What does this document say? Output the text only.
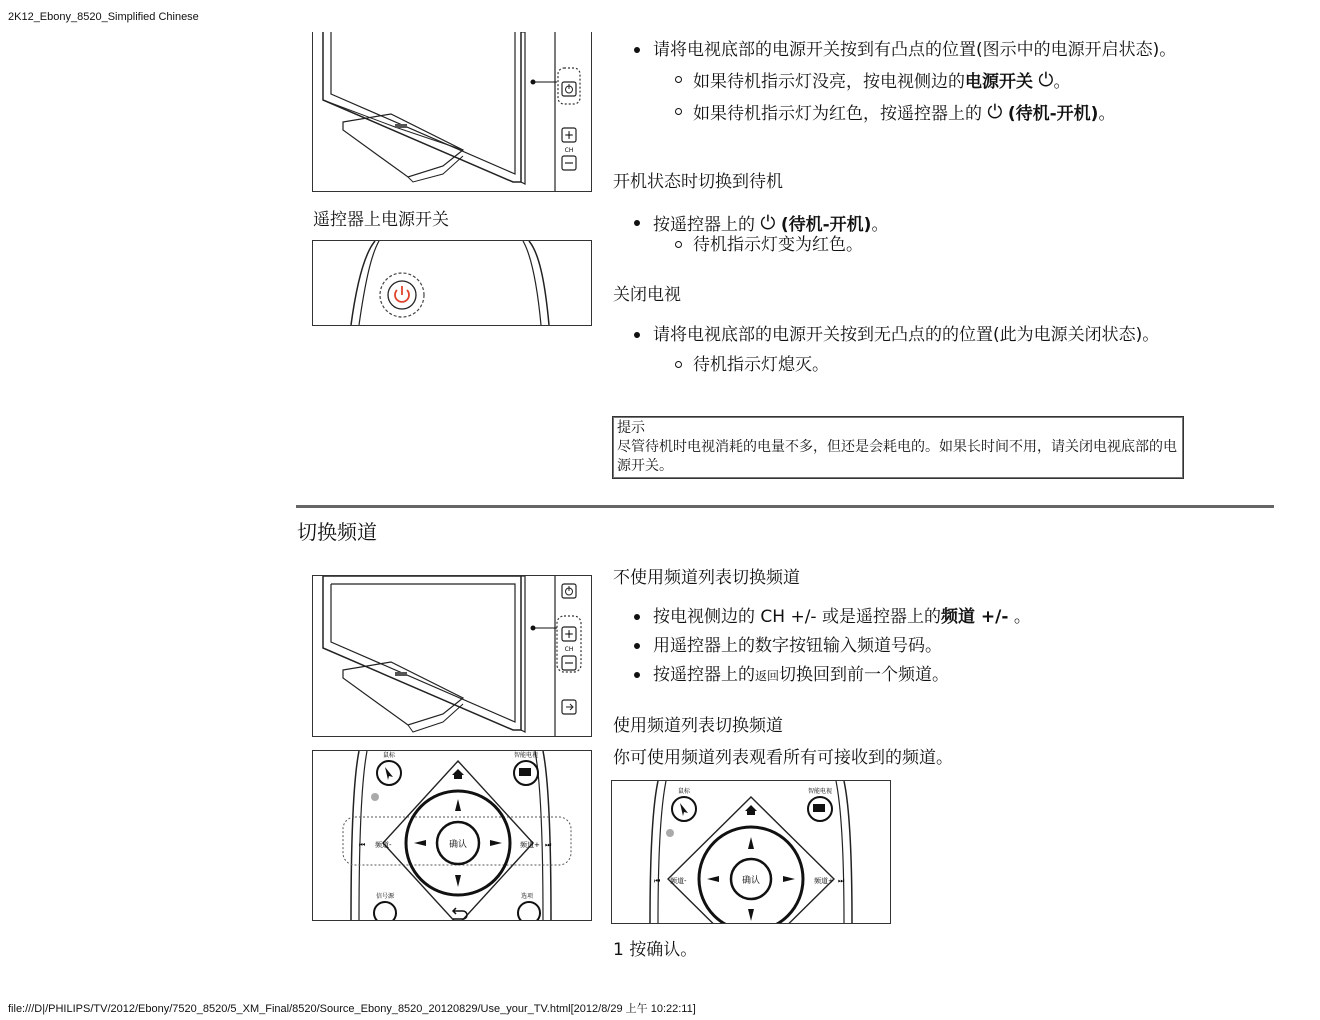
2K12_Ebony_8520_Simplified Chinese
file:///D|/PHILIPS/TV/2012/Ebony/7520_8520/5_XM_Final/8520/Source_Ebony_8520_20120829/Use_your_TV.html[2012/8/29 上午 10:22:11]
+
CH
遥控器上电源开关
请将电视底部的电源开关按到有凸点的位置(图示中的电源开启状态)。
如果待机指示灯没亮，按电视侧边的电源开关 ⏻。
如果待机指示灯为红色，按遥控器上的 ⏻ (待机-开机)。
开机状态时切换到待机
按遥控器上的 ⏻ (待机-开机)。
待机指示灯变为红色。
关闭电视
请将电视底部的电源开关按到无凸点的的位置(此为电源关闭状态)。
待机指示灯熄灭。
提示
尽管待机时电视消耗的电量不多，但还是会耗电的。如果长时间不用，请关闭电视底部的电源开关。
切换频道
+
CH
确认
鼠标	智能电视
⏮ 频道-	频道+ ⏭
信号源	选项
不使用频道列表切换频道
按电视侧边的 CH +/- 或是遥控器上的频道 +/- 。
用遥控器上的数字按钮输入频道号码。
按遥控器上的返回切换回到前一个频道。
使用频道列表切换频道
你可使用频道列表观看所有可接收到的频道。
确认
鼠标	智能电视
⏮ 频道-	频道+ ⏭
1 按确认。
